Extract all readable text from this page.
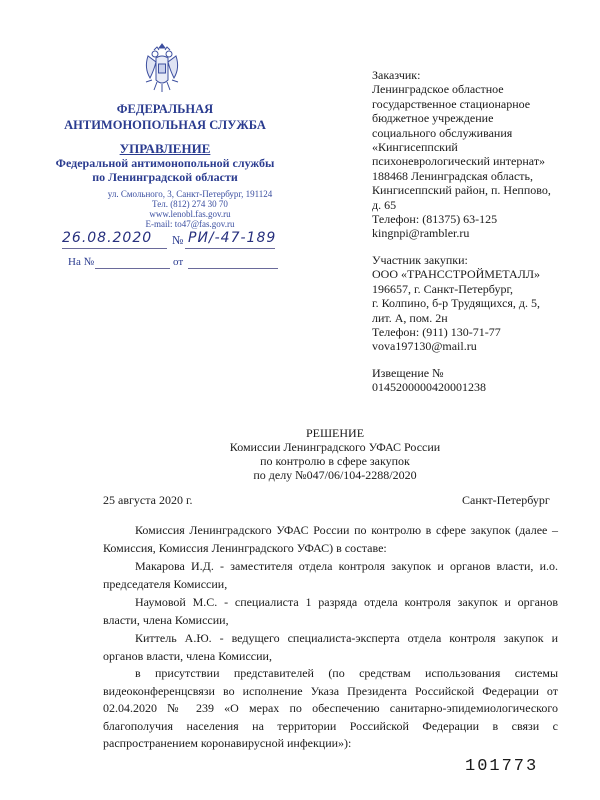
ФЕДЕРАЛЬНАЯ
АНТИМОНОПОЛЬНАЯ СЛУЖБА
УПРАВЛЕНИЕ
Федеральной антимонопольной службы
по Ленинградской области
ул. Смольного, 3, Санкт-Петербург, 191124
Тел. (812) 274 30 70
www.lenobl.fas.gov.ru
E-mail: to47@fas.gov.ru
26.08.2020 № РИ/-47-189
На №	от
Заказчик:
Ленинградское областное
государственное стационарное
бюджетное учреждение
социального обслуживания
«Кингисеппский
психоневрологический интернат»
188468 Ленинградская область,
Кингисеппский район, п. Неппово,
д. 65
Телефон: (81375) 63-125
kingnpi@rambler.ru
Участник закупки:
ООО «ТРАНССТРОЙМЕТАЛЛ»
196657, г. Санкт-Петербург,
г. Колпино, б-р Трудящихся, д. 5,
лит. А, пом. 2н
Телефон: (911) 130-71-77
vova197130@mail.ru
Извещение №
0145200000420001238
РЕШЕНИЕ
Комиссии Ленинградского УФАС России
по контролю в сфере закупок
по делу №047/06/104-2288/2020
25 августа 2020 г.	Санкт-Петербург
Комиссия Ленинградского УФАС России по контролю в сфере закупок (далее – Комиссия, Комиссия Ленинградского УФАС) в составе:
Макарова И.Д. - заместителя отдела контроля закупок и органов власти, и.о. председателя Комиссии,
Наумовой М.С. - специалиста 1 разряда отдела контроля закупок и органов власти, члена Комиссии,
Киттель А.Ю. - ведущего специалиста-эксперта отдела контроля закупок и органов власти, члена Комиссии,
в присутствии представителей (по средствам использования системы видеоконференцсвязи во исполнение Указа Президента Российской Федерации от 02.04.2020 № 239 «О мерах по обеспечению санитарно-эпидемиологического благополучия населения на территории Российской Федерации в связи с распространением коронавирусной инфекции»):
101773
